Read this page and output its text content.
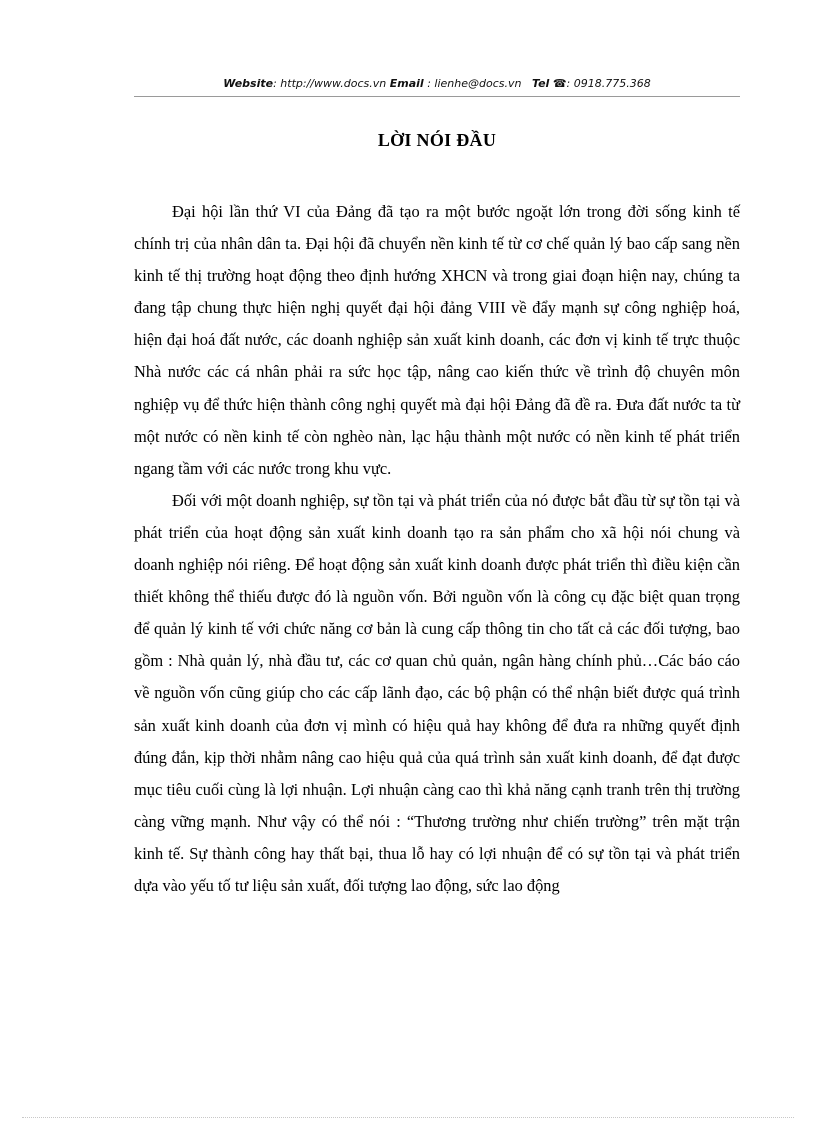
Website: http://www.docs.vn Email : lienhe@docs.vn Tel ☎: 0918.775.368
LỜI NÓI ĐẦU

Đại hội lần thứ VI của Đảng đã tạo ra một bước ngoặt lớn trong đời sống kinh tế chính trị của nhân dân ta. Đại hội đã chuyển nền kinh tế từ cơ chế quản lý bao cấp sang nền kinh tế thị trường hoạt động theo định hướng XHCN và trong giai đoạn hiện nay, chúng ta đang tập chung thực hiện nghị quyết đại hội đảng VIII về đẩy mạnh sự công nghiệp hoá, hiện đại hoá đất nước, các doanh nghiệp sản xuất kinh doanh, các đơn vị kinh tế trực thuộc Nhà nước các cá nhân phải ra sức học tập, nâng cao kiến thức về trình độ chuyên môn nghiệp vụ để thức hiện thành công nghị quyết mà đại hội Đảng đã đề ra. Đưa đất nước ta từ một nước có nền kinh tế còn nghèo nàn, lạc hậu thành một nước có nền kinh tế phát triển ngang tầm với các nước trong khu vực.

Đối với một doanh nghiệp, sự tồn tại và phát triển của nó được bắt đầu từ sự tồn tại và phát triển của hoạt động sản xuất kinh doanh tạo ra sản phẩm cho xã hội nói chung và doanh nghiệp nói riêng. Để hoạt động sản xuất kinh doanh được phát triển thì điều kiện cần thiết không thể thiếu được đó là nguồn vốn. Bởi nguồn vốn là công cụ đặc biệt quan trọng để quản lý kinh tế với chức năng cơ bản là cung cấp thông tin cho tất cả các đối tượng, bao gồm : Nhà quản lý, nhà đầu tư, các cơ quan chủ quản, ngân hàng chính phủ…Các báo cáo về nguồn vốn cũng giúp cho các cấp lãnh đạo, các bộ phận có thể nhận biết được quá trình sản xuất kinh doanh của đơn vị mình có hiệu quả hay không để đưa ra những quyết định đúng đắn, kịp thời nhằm nâng cao hiệu quả của quá trình sản xuất kinh doanh, để đạt được mục tiêu cuối cùng là lợi nhuận. Lợi nhuận càng cao thì khả năng cạnh tranh trên thị trường càng vững mạnh. Như vậy có thể nói : “Thương trường như chiến trường” trên mặt trận kinh tế. Sự thành công hay thất bại, thua lỗ hay có lợi nhuận để có sự tồn tại và phát triển dựa vào yếu tố tư liệu sản xuất, đối tượng lao động, sức lao động
